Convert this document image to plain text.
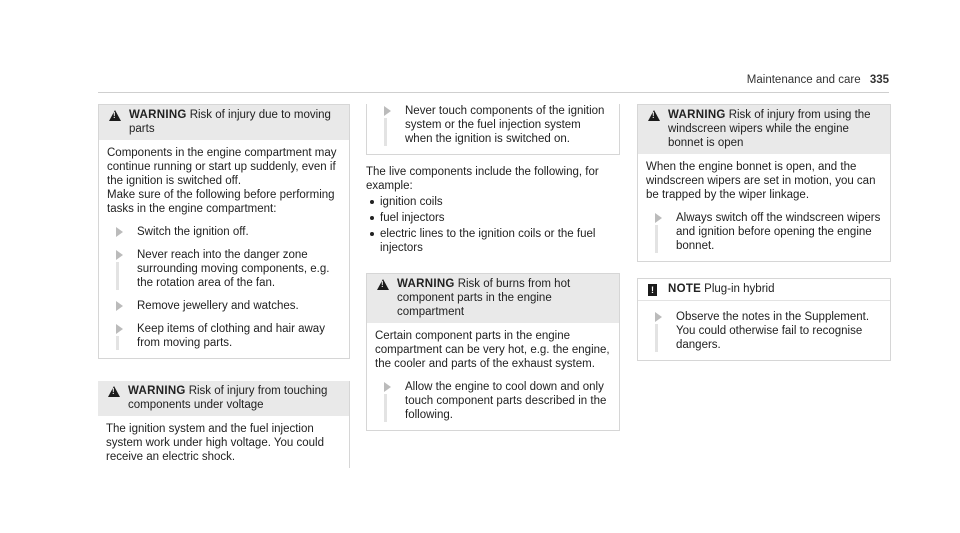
Maintenance and care 335
!
WARNING Risk of injury due to moving parts

Components in the engine compartment may continue running or start up suddenly, even if the ignition is switched off.

Make sure of the following before performing tasks in the engine compartment:

Switch the ignition off.
Never reach into the danger zone surrounding moving components, e.g. the rotation area of the fan.
Remove jewellery and watches.
Keep items of clothing and hair away from moving parts.
!
WARNING Risk of injury from touching components under voltage

The ignition system and the fuel injection system work under high voltage. You could receive an electric shock.

Never touch components of the ignition system or the fuel injection system when the ignition is switched on.

The live components include the following, for example:

ignition coils
fuel injectors
electric lines to the ignition coils or the fuel injectors
!
WARNING Risk of burns from hot component parts in the engine compartment

Certain component parts in the engine compartment can be very hot, e.g. the engine, the cooler and parts of the exhaust system.

Allow the engine to cool down and only touch component parts described in the following.
!
WARNING Risk of injury from using the windscreen wipers while the engine bonnet is open

When the engine bonnet is open, and the windscreen wipers are set in motion, you can be trapped by the wiper linkage.

Always switch off the windscreen wipers and ignition before opening the engine bonnet.
! NOTE Plug-in hybrid
Observe the notes in the Supplement. You could otherwise fail to recognise dangers.
